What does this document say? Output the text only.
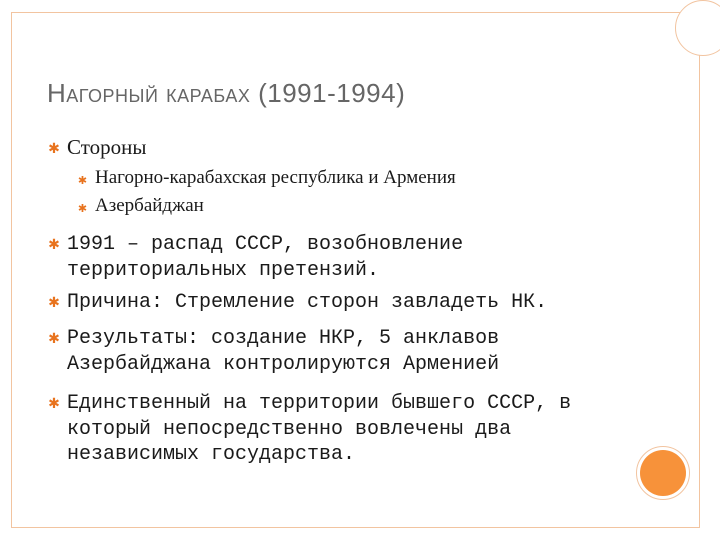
Нагорный карабах (1991-1994)
✱ Стороны
✱ Нагорно-карабахская республика и Армения
✱ Азербайджан
✱ 1991 – распад СССР, возобновление
территориальных претензий.
✱ Причина: Стремление сторон завладеть НК.
✱ Результаты: создание НКР, 5 анклавов
Азербайджана контролируются Арменией
✱ Единственный на территории бывшего СССР, в
который непосредственно вовлечены два
независимых государства.
